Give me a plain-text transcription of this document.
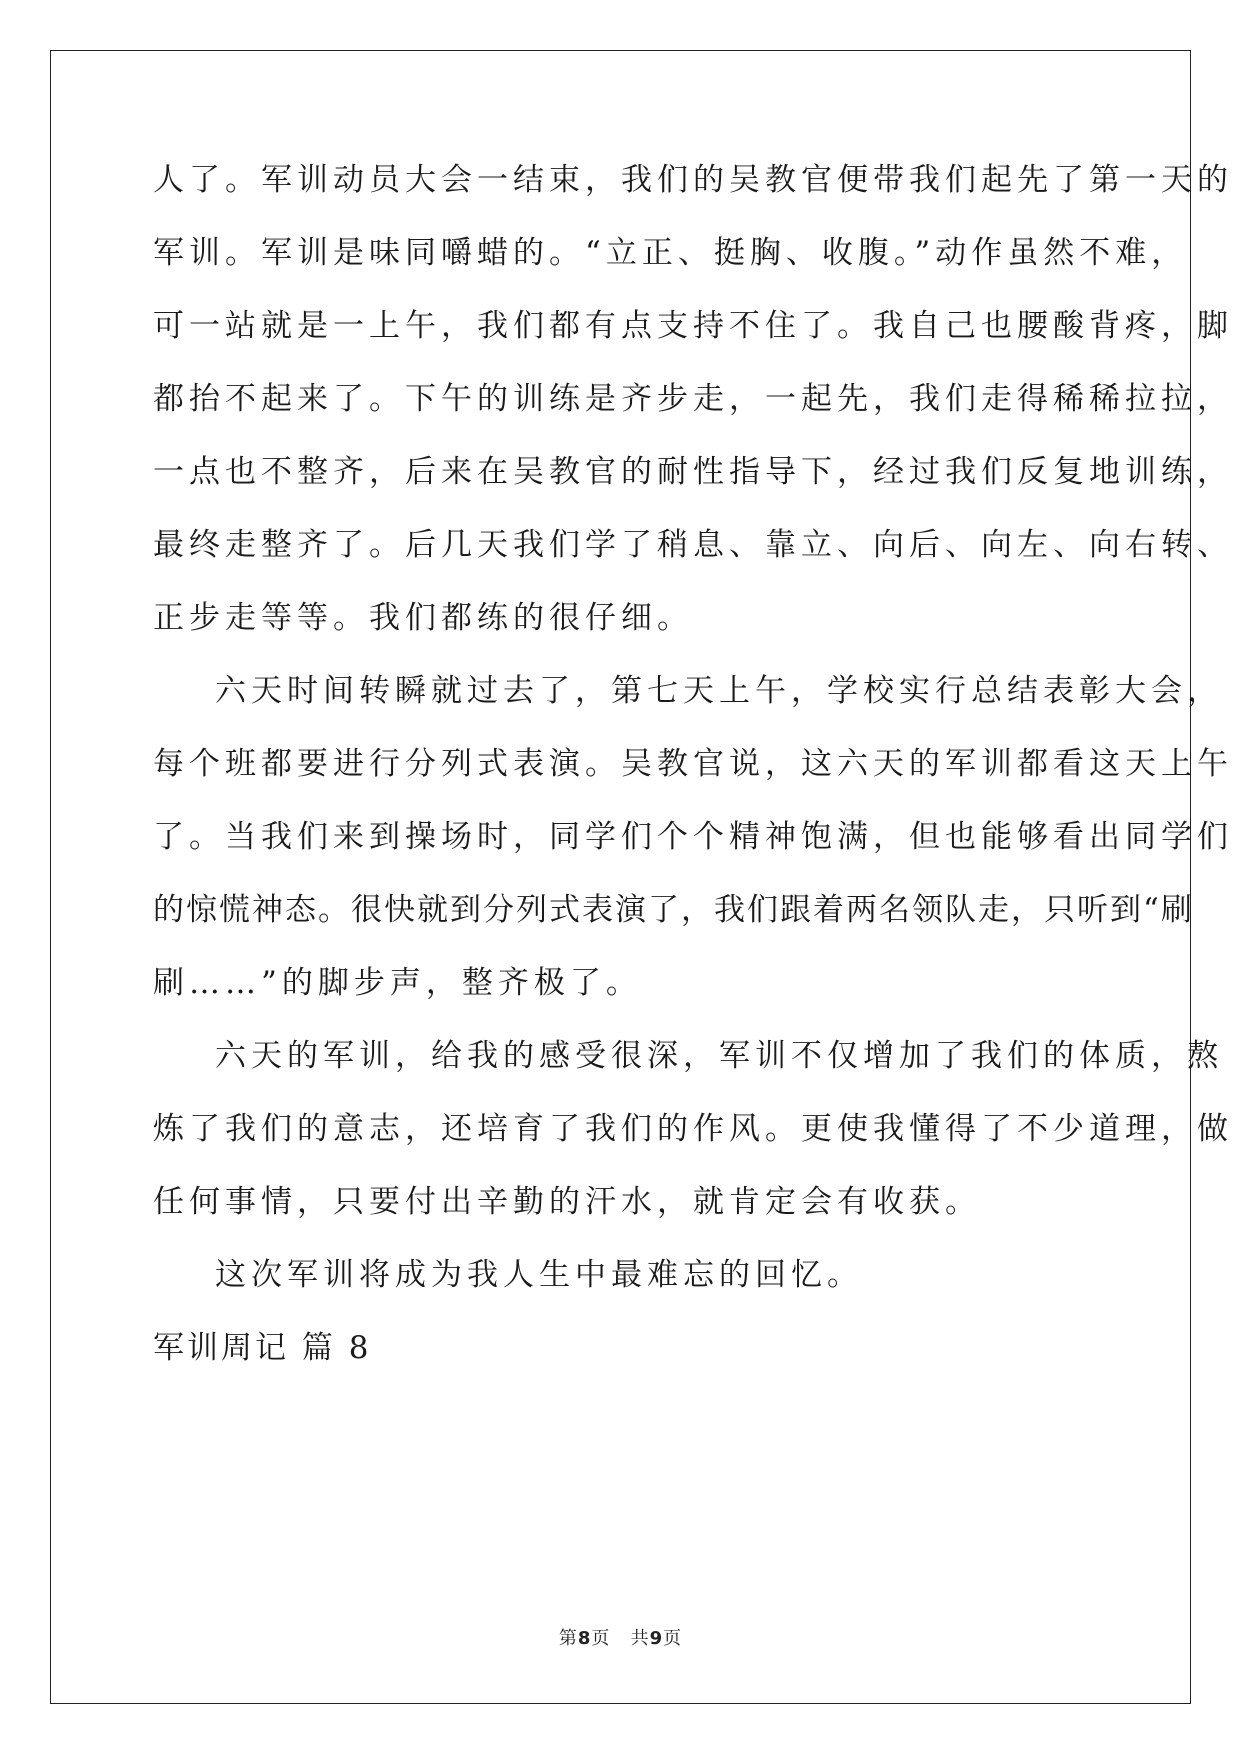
人了。军训动员大会一结束，我们的吴教官便带我们起先了第一天的
军训。军训是味同嚼蜡的。“立正、挺胸、收腹。”动作虽然不难，
可一站就是一上午，我们都有点支持不住了。我自己也腰酸背疼，脚
都抬不起来了。下午的训练是齐步走，一起先，我们走得稀稀拉拉，
一点也不整齐，后来在吴教官的耐性指导下，经过我们反复地训练，
最终走整齐了。后几天我们学了稍息、靠立、向后、向左、向右转、
正步走等等。我们都练的很仔细。
六天时间转瞬就过去了，第七天上午，学校实行总结表彰大会，
每个班都要进行分列式表演。吴教官说，这六天的军训都看这天上午
了。当我们来到操场时，同学们个个精神饱满，但也能够看出同学们
的惊慌神态。很快就到分列式表演了，我们跟着两名领队走，只听到“刷
刷……”的脚步声，整齐极了。
六天的军训，给我的感受很深，军训不仅增加了我们的体质，熬
炼了我们的意志，还培育了我们的作风。更使我懂得了不少道理，做
任何事情，只要付出辛勤的汗水，就肯定会有收获。
这次军训将成为我人生中最难忘的回忆。
军训周记 篇 8
第8页 共9页
